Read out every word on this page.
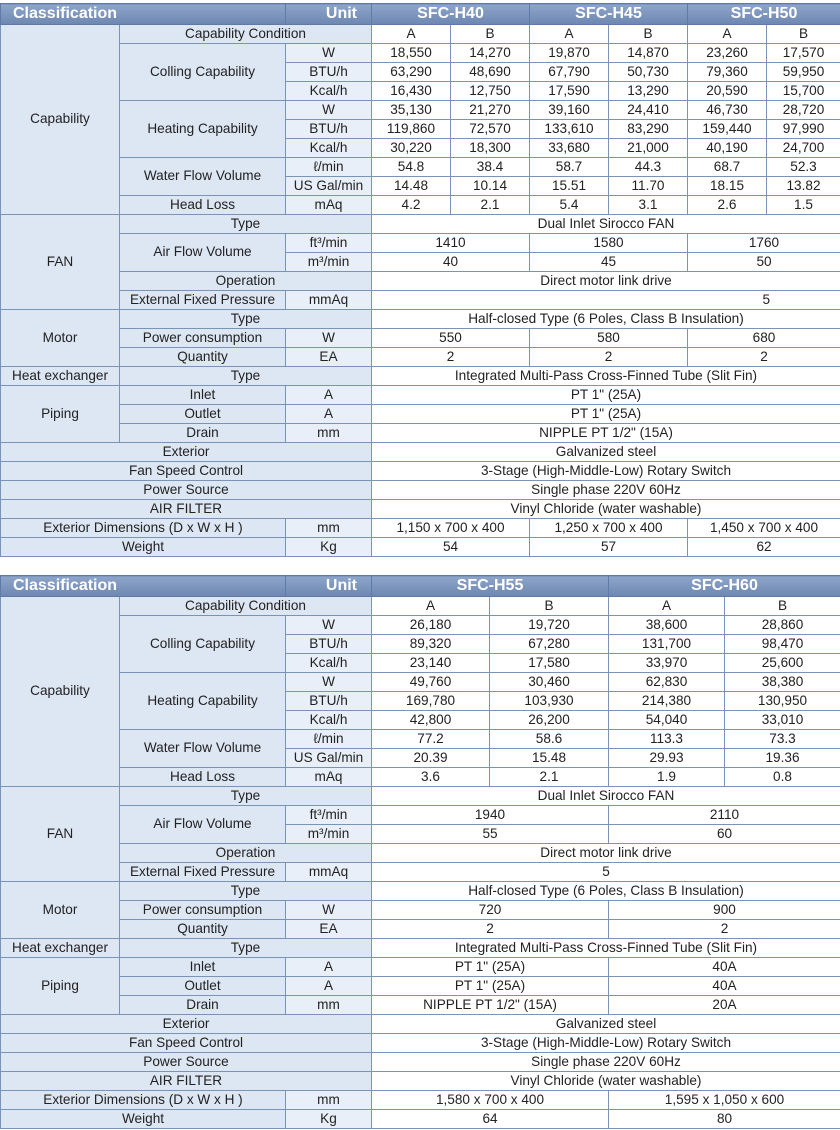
Classification		Unit	SFC-H40		SFC-H45		SFC-H50	
Capability	Capability Condition		A	B	A	B	A	B
	Colling Capability	W	18,550	14,270	19,870	14,870	23,260	17,570
		BTU/h	63,290	48,690	67,790	50,730	79,360	59,950
		Kcal/h	16,430	12,750	17,590	13,290	20,590	15,700
	Heating Capability	W	35,130	21,270	39,160	24,410	46,730	28,720
		BTU/h	119,860	72,570	133,610	83,290	159,440	97,990
		Kcal/h	30,220	18,300	33,680	21,000	40,190	24,700
	Water Flow Volume	ℓ/min	54.8	38.4	58.7	44.3	68.7	52.3
		US Gal/min	14.48	10.14	15.51	11.70	18.15	13.82
	Head Loss	mAq	4.2	2.1	5.4	3.1	2.6	1.5
FAN	Type		Dual Inlet Sirocco FAN					
	Air Flow Volume	ft³/min	1410		1580		1760	
		m³/min	40		45		50	
	Operation		Direct motor link drive					
	External Fixed Pressure	mmAq	5					
Motor	Type		Half-closed Type (6 Poles, Class B Insulation)					
	Power consumption	W	550		580		680	
	Quantity	EA	2		2		2	
Heat exchanger	Type		Integrated Multi-Pass Cross-Finned Tube (Slit Fin)					
Piping	Inlet	A	PT 1" (25A)					
	Outlet	A	PT 1" (25A)					
	Drain	mm	NIPPLE PT 1/2" (15A)					
Exterior			Galvanized steel					
Fan Speed Control			3-Stage (High-Middle-Low) Rotary Switch					
Power Source			Single phase 220V 60Hz					
AIR FILTER			Vinyl Chloride (water washable)					
Exterior Dimensions (D x W x H )		mm	1,150 x 700 x 400		1,250 x 700 x 400		1,450 x 700 x 400	
Weight		Kg	54		57		62	
Classification		Unit	SFC-H55		SFC-H60	
Capability	Capability Condition		A	B	A	B
	Colling Capability	W	26,180	19,720	38,600	28,860
		BTU/h	89,320	67,280	131,700	98,470
		Kcal/h	23,140	17,580	33,970	25,600
	Heating Capability	W	49,760	30,460	62,830	38,380
		BTU/h	169,780	103,930	214,380	130,950
		Kcal/h	42,800	26,200	54,040	33,010
	Water Flow Volume	ℓ/min	77.2	58.6	113.3	73.3
		US Gal/min	20.39	15.48	29.93	19.36
	Head Loss	mAq	3.6	2.1	1.9	0.8
FAN	Type		Dual Inlet Sirocco FAN			
	Air Flow Volume	ft³/min	1940		2110	
		m³/min	55		60	
	Operation		Direct motor link drive			
	External Fixed Pressure	mmAq	5			
Motor	Type		Half-closed Type (6 Poles, Class B Insulation)			
	Power consumption	W	720		900	
	Quantity	EA	2		2	
Heat exchanger	Type		Integrated Multi-Pass Cross-Finned Tube (Slit Fin)			
Piping	Inlet	A	PT 1" (25A)		40A	
	Outlet	A	PT 1" (25A)		40A	
	Drain	mm	NIPPLE PT 1/2" (15A)		20A	
Exterior			Galvanized steel			
Fan Speed Control			3-Stage (High-Middle-Low) Rotary Switch			
Power Source			Single phase 220V 60Hz			
AIR FILTER			Vinyl Chloride (water washable)			
Exterior Dimensions (D x W x H )		mm	1,580 x 700 x 400		1,595 x 1,050 x 600	
Weight		Kg	64		80	
